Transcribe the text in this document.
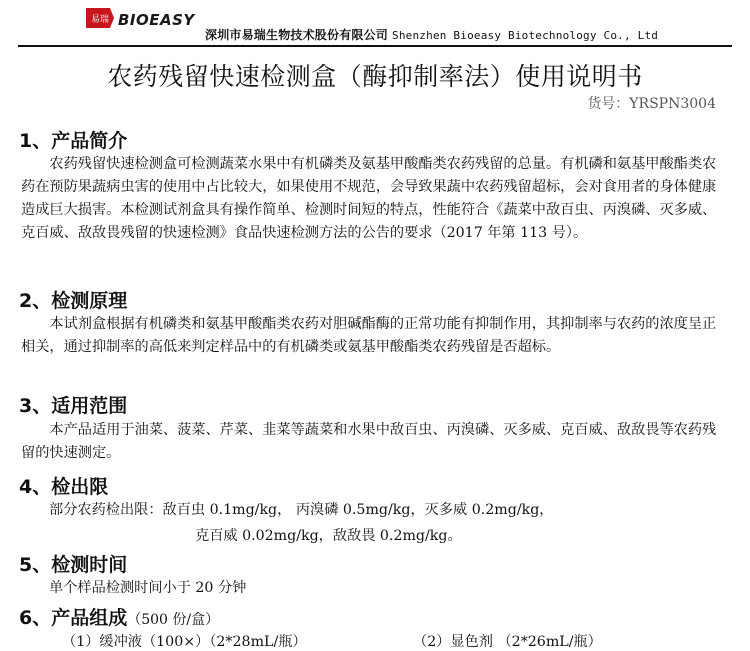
易瑞 BIOEASY
深圳市易瑞生物技术股份有限公司 Shenzhen Bioeasy Biotechnology Co., Ltd
农药残留快速检测盒（酶抑制率法）使用说明书
货号：YRSPN3004
1、产品简介

农药残留快速检测盒可检测蔬菜水果中有机磷类及氨基甲酸酯类农药残留的总量。有机磷和氨基甲酸酯类农药在预防果蔬病虫害的使用中占比较大，如果使用不规范，会导致果蔬中农药残留超标，会对食用者的身体健康造成巨大损害。本检测试剂盒具有操作简单、检测时间短的特点，性能符合《蔬菜中敌百虫、丙溴磷、灭多威、克百威、敌敌畏残留的快速检测》食品快速检测方法的公告的要求（2017 年第 113 号）。

2、检测原理

本试剂盒根据有机磷类和氨基甲酸酯类农药对胆碱酯酶的正常功能有抑制作用，其抑制率与农药的浓度呈正相关，通过抑制率的高低来判定样品中的有机磷类或氨基甲酸酯类农药残留是否超标。

3、适用范围

本产品适用于油菜、菠菜、芹菜、韭菜等蔬菜和水果中敌百虫、丙溴磷、灭多威、克百威、敌敌畏等农药残留的快速测定。

4、检出限
部分农药检出限：敌百虫 0.1mg/kg， 丙溴磷 0.5mg/kg，灭多威 0.2mg/kg，
克百威 0.02mg/kg，敌敌畏 0.2mg/kg。
5、检测时间
单个样品检测时间小于 20 分钟
6、产品组成（500 份/盒）
（1）缓冲液（100×）（2*28mL/瓶）	（2）显色剂 （2*26mL/瓶）
